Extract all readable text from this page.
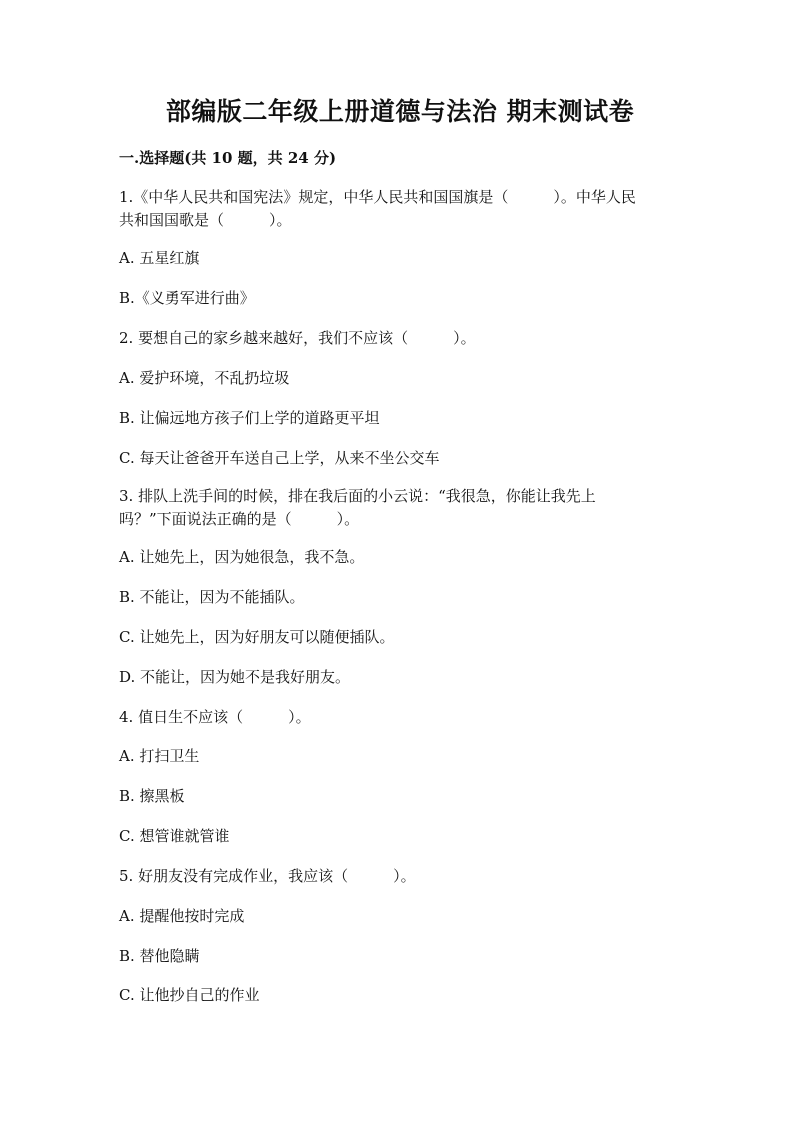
部编版二年级上册道德与法治 期末测试卷
一.选择题(共 10 题，共 24 分)
1.《中华人民共和国宪法》规定，中华人民共和国国旗是（　　　）。中华人民
共和国国歌是（　　　）。
A. 五星红旗
B.《义勇军进行曲》
2. 要想自己的家乡越来越好，我们不应该（　　　）。
A. 爱护环境，不乱扔垃圾
B. 让偏远地方孩子们上学的道路更平坦
C. 每天让爸爸开车送自己上学，从来不坐公交车
3. 排队上洗手间的时候，排在我后面的小云说：“我很急，你能让我先上
吗？”下面说法正确的是（　　　）。
A. 让她先上，因为她很急，我不急。
B. 不能让，因为不能插队。
C. 让她先上，因为好朋友可以随便插队。
D. 不能让，因为她不是我好朋友。
4. 值日生不应该（　　　）。
A. 打扫卫生
B. 擦黑板
C. 想管谁就管谁
5. 好朋友没有完成作业，我应该（　　　）。
A. 提醒他按时完成
B. 替他隐瞒
C. 让他抄自己的作业
